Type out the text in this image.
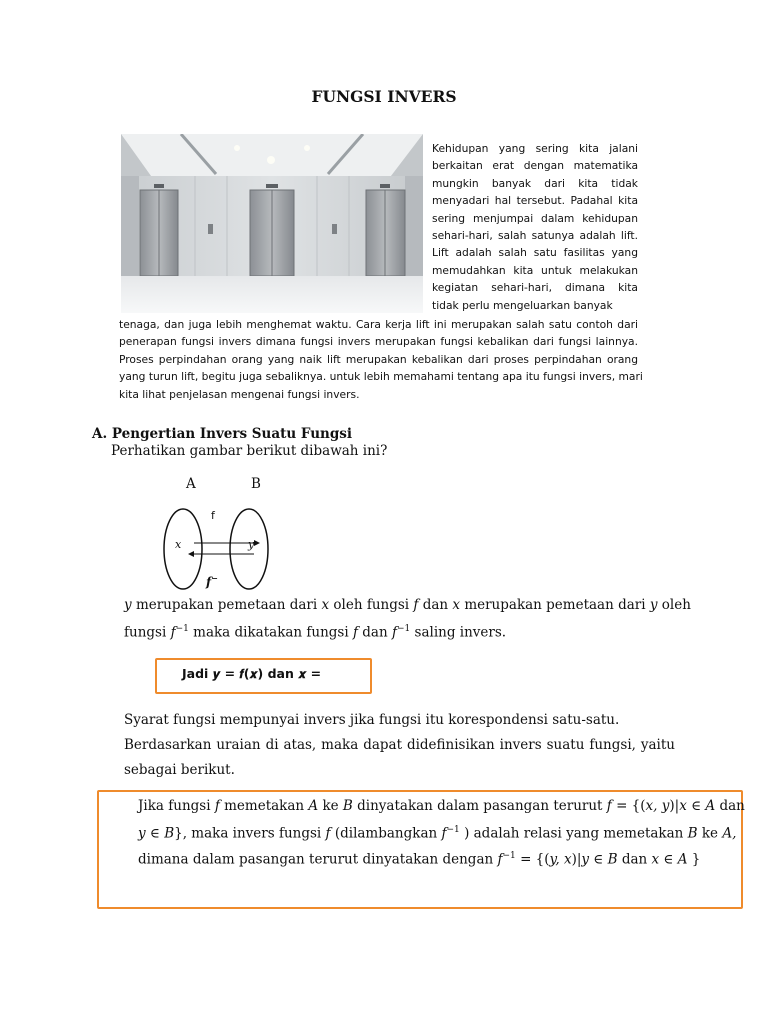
FUNGSI INVERS
Kehidupan yang sering kita jalani
berkaitan erat dengan matematika
mungkin banyak dari kita tidak
menyadari hal tersebut. Padahal kita
sering menjumpai dalam kehidupan
sehari-hari, salah satunya adalah lift.
Lift adalah salah satu fasilitas yang
memudahkan kita untuk melakukan
kegiatan sehari-hari, dimana kita
tidak perlu mengeluarkan banyak
tenaga, dan juga lebih menghemat waktu. Cara kerja lift ini merupakan salah satu contoh dari
penerapan fungsi invers dimana fungsi invers merupakan fungsi kebalikan dari fungsi lainnya.
Proses perpindahan orang yang naik lift merupakan kebalikan dari proses perpindahan orang
yang turun lift, begitu juga sebaliknya. untuk lebih memahami tentang apa itu fungsi invers, mari
kita lihat penjelasan mengenai fungsi invers.
A. Pengertian Invers Suatu Fungsi
Perhatikan gambar berikut dibawah ini?
A	B
f
x	y
f−
y merupakan pemetaan dari x oleh fungsi f dan x merupakan pemetaan dari y oleh
fungsi $f^{-1}$ maka dikatakan fungsi f dan $f^{-1}$ saling invers.
Jadi 𝒚 = 𝒇(𝒙) dan 𝒙 =
Syarat fungsi mempunyai invers jika fungsi itu korespondensi satu-satu.
Berdasarkan uraian di atas, maka dapat didefinisikan invers suatu fungsi, yaitu
sebagai berikut.
Jika fungsi f memetakan A ke B dinyatakan dalam pasangan terurut f = {(x, y)|x ∈ A dan
y ∈ B}, maka invers fungsi f (dilambangkan $f^{-1}$ ) adalah relasi yang memetakan B ke A,
dimana dalam pasangan terurut dinyatakan dengan $f^{-1} = \{(y$, x)|y ∈ B dan x ∈ A }
